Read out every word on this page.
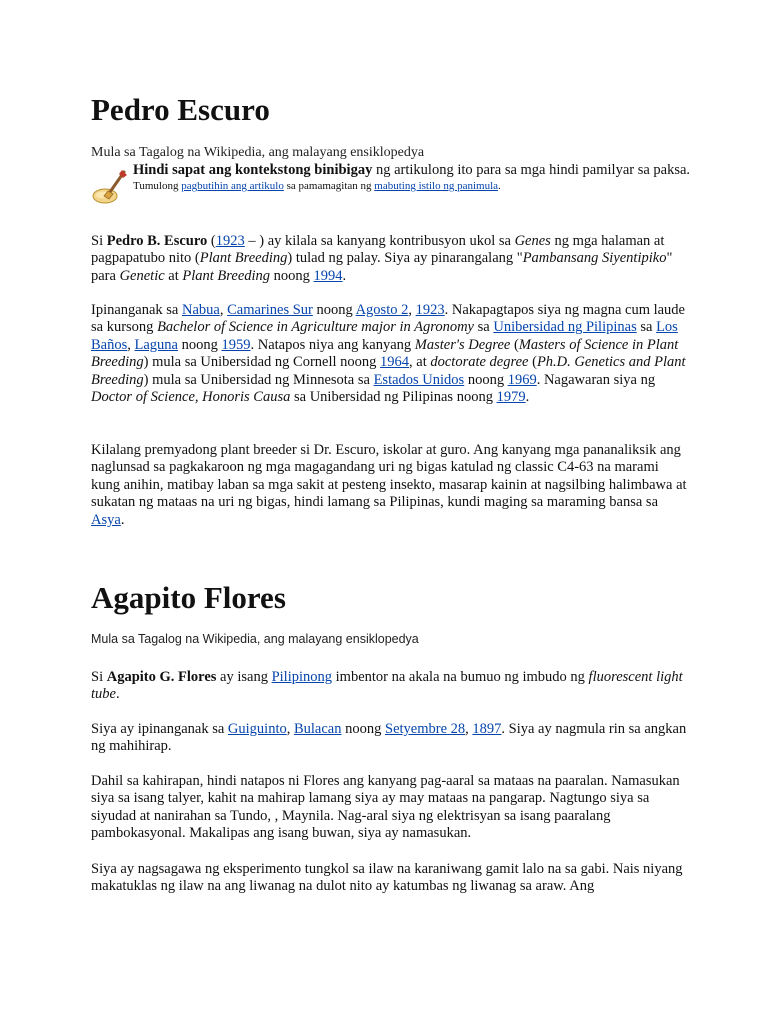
Pedro Escuro
Mula sa Tagalog na Wikipedia, ang malayang ensiklopedya
Hindi sapat ang kontekstong binibigay ng artikulong ito para sa mga hindi pamilyar sa paksa.
Tumulong pagbutihin ang artikulo sa pamamagitan ng mabuting istilo ng panimula.

Si Pedro B. Escuro (1923 – ) ay kilala sa kanyang kontribusyon ukol sa Genes ng mga halaman at pagpapatubo nito (Plant Breeding) tulad ng palay. Siya ay pinarangalang "Pambansang Siyentipiko" para Genetic at Plant Breeding noong 1994.

Ipinanganak sa Nabua, Camarines Sur noong Agosto 2, 1923. Nakapagtapos siya ng magna cum laude sa kursong Bachelor of Science in Agriculture major in Agronomy sa Unibersidad ng Pilipinas sa Los Baños, Laguna noong 1959. Natapos niya ang kanyang Master's Degree (Masters of Science in Plant Breeding) mula sa Unibersidad ng Cornell noong 1964, at doctorate degree (Ph.D. Genetics and Plant Breeding) mula sa Unibersidad ng Minnesota sa Estados Unidos noong 1969. Nagawaran siya ng Doctor of Science, Honoris Causa sa Unibersidad ng Pilipinas noong 1979.

Kilalang premyadong plant breeder si Dr. Escuro, iskolar at guro. Ang kanyang mga pananaliksik ang naglunsad sa pagkakaroon ng mga magagandang uri ng bigas katulad ng classic C4-63 na marami kung anihin, matibay laban sa mga sakit at pesteng insekto, masarap kainin at nagsilbing halimbawa at sukatan ng mataas na uri ng bigas, hindi lamang sa Pilipinas, kundi maging sa maraming bansa sa Asya.

Agapito Flores
Mula sa Tagalog na Wikipedia, ang malayang ensiklopedya

Si Agapito G. Flores ay isang Pilipinong imbentor na akala na bumuo ng imbudo ng fluorescent light tube.

Siya ay ipinanganak sa Guiguinto, Bulacan noong Setyembre 28, 1897. Siya ay nagmula rin sa angkan ng mahihirap.

Dahil sa kahirapan, hindi natapos ni Flores ang kanyang pag-aaral sa mataas na paaralan. Namasukan siya sa isang talyer, kahit na mahirap lamang siya ay may mataas na pangarap. Nagtungo siya sa siyudad at nanirahan sa Tundo, , Maynila. Nag-aral siya ng elektrisyan sa isang paaralang pambokasyonal. Makalipas ang isang buwan, siya ay namasukan.

Siya ay nagsagawa ng eksperimento tungkol sa ilaw na karaniwang gamit lalo na sa gabi. Nais niyang makatuklas ng ilaw na ang liwanag na dulot nito ay katumbas ng liwanag sa araw. Ang
